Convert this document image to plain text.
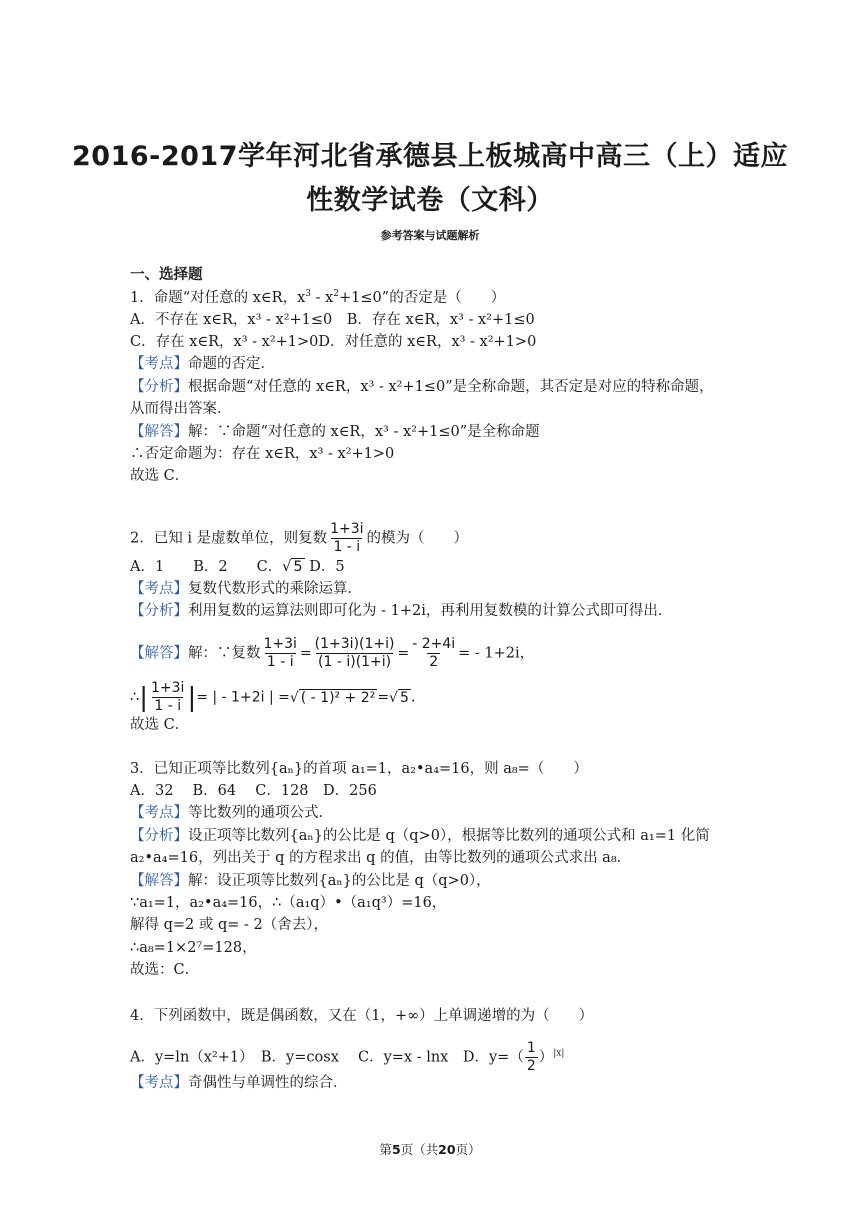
2016-2017学年河北省承德县上板城高中高三（上）适应
性数学试卷（文科）
参考答案与试题解析
一、选择题
1．命题“对任意的 x∈R，$x^3 - x^2+1\le 0$”的否定是（　　）
A．不存在 x∈R，x³ - x²+1≤0　B．存在 x∈R，x³ - x²+1≤0
C．存在 x∈R，x³ - x²+1>0D．对任意的 x∈R，x³ - x²+1>0
【考点】命题的否定．
【分析】根据命题“对任意的 x∈R，x³ - x²+1≤0”是全称命题，其否定是对应的特称命题，
从而得出答案．
【解答】解：∵命题“对任意的 x∈R，x³ - x²+1≤0”是全称命题
∴否定命题为：存在 x∈R，x³ - x²+1>0
故选 C．
2．已知 i 是虚数单位，则复数 $\frac{1+3i}{1 - i}$ 的模为（　　）
A．1　　B．2　　C．√ 5 D．5
【考点】复数代数形式的乘除运算．
【分析】利用复数的运算法则即可化为 - 1+2i，再利用复数模的计算公式即可得出．
【解答】解：∵复数 $\frac{1+3i}{1 - i} = \frac{(1+3i)(1+i)}{(1 - i)(1+i)} = \frac{- 2+4i}{2}$ = - 1+2i，
∴| $\frac{1+3i}{1 - i}$ |= | - 1+2i | =√ ( - 1)² + 2² =√ 5 .
故选 C．
3．已知正项等比数列{aₙ}的首项 a₁=1，a₂•a₄=16，则 a₈=（　　）
A．32　 B．64　 C．128　D．256
【考点】等比数列的通项公式．
【分析】设正项等比数列{aₙ}的公比是 q（q>0），根据等比数列的通项公式和 a₁=1 化简
a₂•a₄=16，列出关于 q 的方程求出 q 的值，由等比数列的通项公式求出 a₈．
【解答】解：设正项等比数列{aₙ}的公比是 q（q>0），
∵a₁=1，a₂•a₄=16，∴（a₁q）•（a₁q³）=16，
解得 q=2 或 q= - 2（舍去），
∴a₈=1×2⁷=128，
故选：C．
4．下列函数中，既是偶函数，又在（1，+∞）上单调递增的为（　　）
A．y=ln（x²+1）　B．y=cosx　 C．y=x - lnx　D．$y=( \frac{1}{2} )^{|x|}$
【考点】奇偶性与单调性的综合．
第5页（共20页）
